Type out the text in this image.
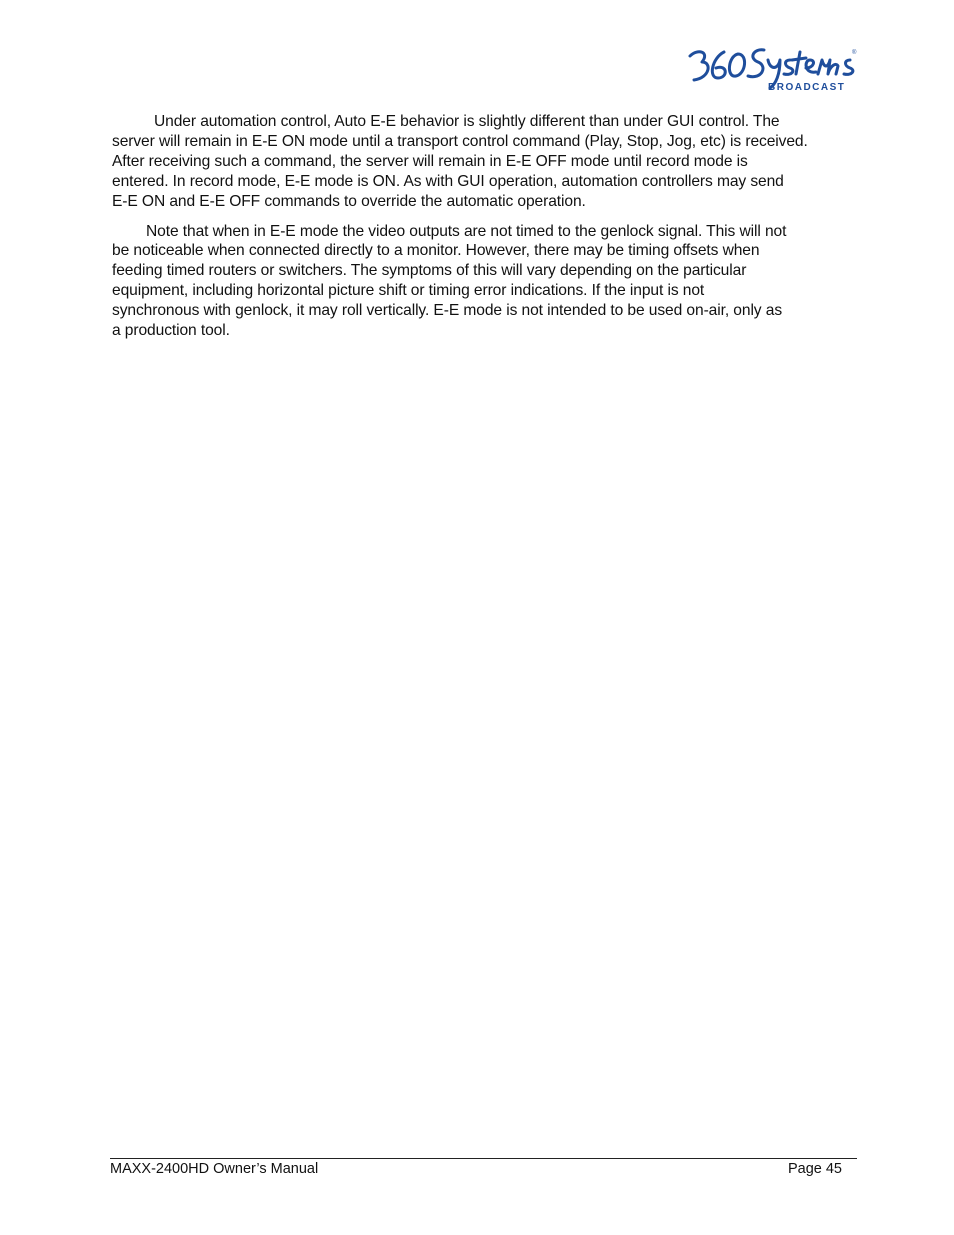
®
BROADCAST

Under automation control, Auto E-E behavior is slightly different than under GUI control. The
server will remain in E-E ON mode until a transport control command (Play, Stop, Jog, etc) is received.
After receiving such a command, the server will remain in E-E OFF mode until record mode is
entered. In record mode, E-E mode is ON. As with GUI operation, automation controllers may send
E-E ON and E-E OFF commands to override the automatic operation.

Note that when in E-E mode the video outputs are not timed to the genlock signal. This will not
be noticeable when connected directly to a monitor. However, there may be timing offsets when
feeding timed routers or switchers. The symptoms of this will vary depending on the particular
equipment, including horizontal picture shift or timing error indications. If the input is not
synchronous with genlock, it may roll vertically. E-E mode is not intended to be used on-air, only as
a production tool.

MAXX-2400HD Owner’s Manual	Page 45
